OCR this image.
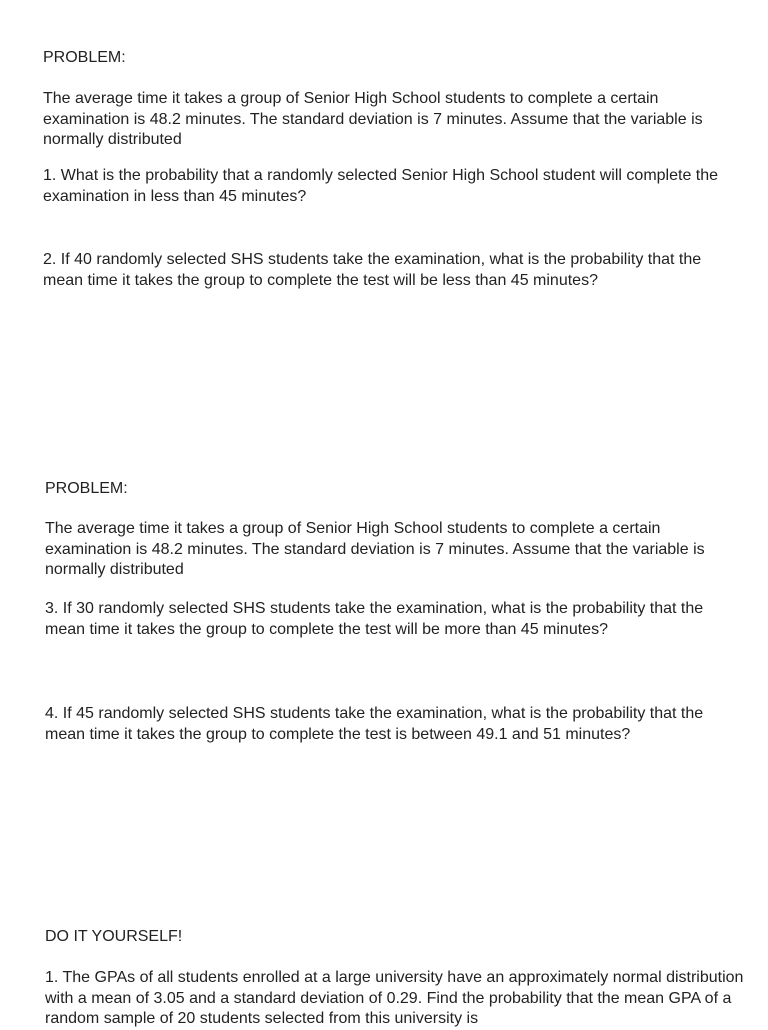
PROBLEM:

The average time it takes a group of Senior High School students to complete a certain examination is 48.2 minutes. The standard deviation is 7 minutes. Assume that the variable is normally distributed

1. What is the probability that a randomly selected Senior High School student will complete the examination in less than 45 minutes?

2. If 40 randomly selected SHS students take the examination, what is the probability that the mean time it takes the group to complete the test will be less than 45 minutes?

PROBLEM:

The average time it takes a group of Senior High School students to complete a certain examination is 48.2 minutes. The standard deviation is 7 minutes. Assume that the variable is normally distributed

3. If 30 randomly selected SHS students take the examination, what is the probability that the mean time it takes the group to complete the test will be more than 45 minutes?

4. If 45 randomly selected SHS students take the examination, what is the probability that the mean time it takes the group to complete the test is between 49.1 and 51 minutes?

DO IT YOURSELF!

1. The GPAs of all students enrolled at a large university have an approximately normal distribution with a mean of 3.05 and a standard deviation of 0.29. Find the probability that the mean GPA of a random sample of 20 students selected from this university is
